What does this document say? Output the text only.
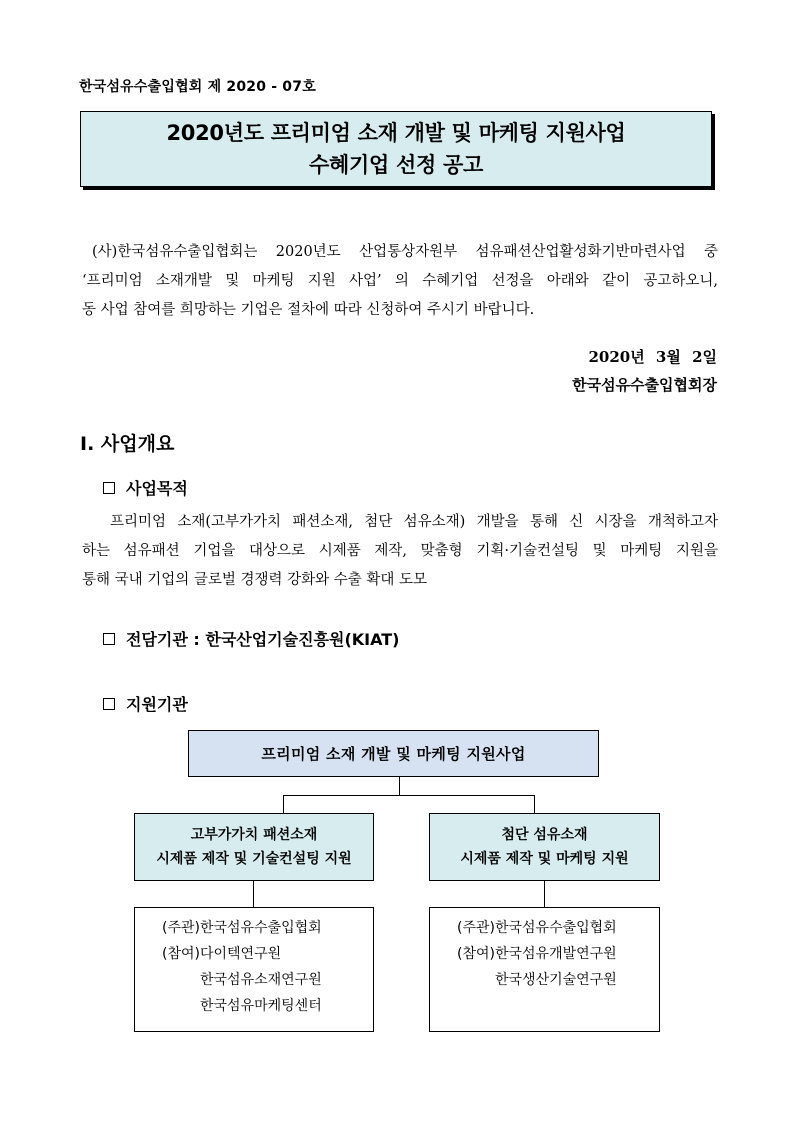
한국섬유수출입협회 제 2020 - 07호
2020년도 프리미엄 소재 개발 및 마케팅 지원사업
수혜기업 선정 공고
(사)한국섬유수출입협회는 2020년도 산업통상자원부 섬유패션산업활성화기반마련사업 중
‘프리미엄 소재개발 및 마케팅 지원 사업’ 의 수혜기업 선정을 아래와 같이 공고하오니,
동 사업 참여를 희망하는 기업은 절차에 따라 신청하여 주시기 바랍니다.
2020년 3월 2일
한국섬유수출입협회장
Ⅰ. 사업개요
사업목적
프리미엄 소재(고부가가치 패션소재, 첨단 섬유소재) 개발을 통해 신 시장을 개척하고자
하는 섬유패션 기업을 대상으로 시제품 제작, 맞춤형 기획·기술컨설팅 및 마케팅 지원을
통해 국내 기업의 글로벌 경쟁력 강화와 수출 확대 도모
전담기관 : 한국산업기술진흥원(KIAT)
지원기관
프리미엄 소재 개발 및 마케팅 지원사업
고부가가치 패션소재
시제품 제작 및 기술컨설팅 지원
첨단 섬유소재
시제품 제작 및 마케팅 지원
(주관)한국섬유수출입협회
(참여)다이텍연구원
한국섬유소재연구원
한국섬유마케팅센터
(주관)한국섬유수출입협회
(참여)한국섬유개발연구원
한국생산기술연구원
